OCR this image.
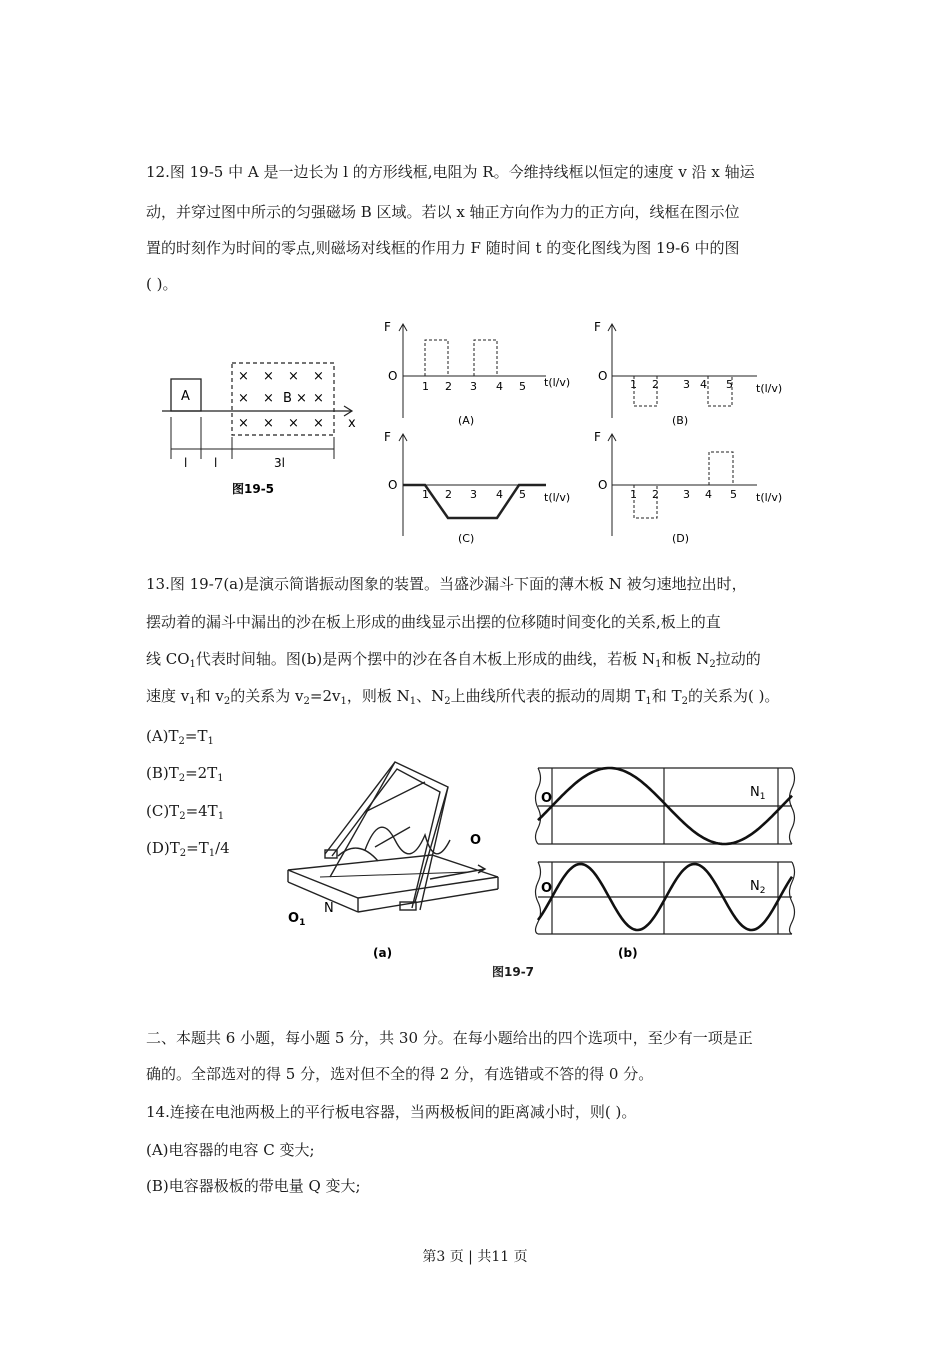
12.图 19-5 中 A 是一边长为 l 的方形线框,电阻为 R。今维持线框以恒定的速度 v 沿 x 轴运
动，并穿过图中所示的匀强磁场 B 区域。若以 x 轴正方向作为力的正方向，线框在图示位
置的时刻作为时间的零点,则磁场对线框的作用力 F 随时间 t 的变化图线为图 19-6 中的图
( )。
A
x
× × × ×
× × × ×
× × × ×
B
l l	3l
图19-5
F
O	t(l/v)
1 2 3 4 5
(A)
F
O
t(l/v)
1 2 3 4 5
(B)
F
O
t(l/v)
1 2 3 4 5
(C)
F
O
t(l/v)
1 2 3 4 5
(D)
13.图 19-7(a)是演示简谐振动图象的装置。当盛沙漏斗下面的薄木板 N 被匀速地拉出时，
摆动着的漏斗中漏出的沙在板上形成的曲线显示出摆的位移随时间变化的关系,板上的直
线 $CO_1$代表时间轴。图(b)是两个摆中的沙在各自木板上形成的曲线，若板 $N_1$和板 $N_2$拉动的
速度 $v_1$和 $v_2$的关系为 $v_2=2v_1$，则板 $N_1$、$N_2$上曲线所代表的振动的周期 $T_1$和 $T_2$的关系为( )。
$(A)T_2=T_1$
$(B)T_2=2T_1$
$(C)T_2=4T_1$
$(D)T_2=T_1/4$	O
$O_1$
N
(a)
O
O
$N_1$
$N_2$
(b)
图19-7
二、本题共 6 小题，每小题 5 分，共 30 分。在每小题给出的四个选项中，至少有一项是正
确的。全部选对的得 5 分，选对但不全的得 2 分，有选错或不答的得 0 分。
14.连接在电池两极上的平行板电容器，当两极板间的距离减小时，则( )。
(A)电容器的电容 C 变大;
(B)电容器极板的带电量 Q 变大;
第3 页 | 共11 页
